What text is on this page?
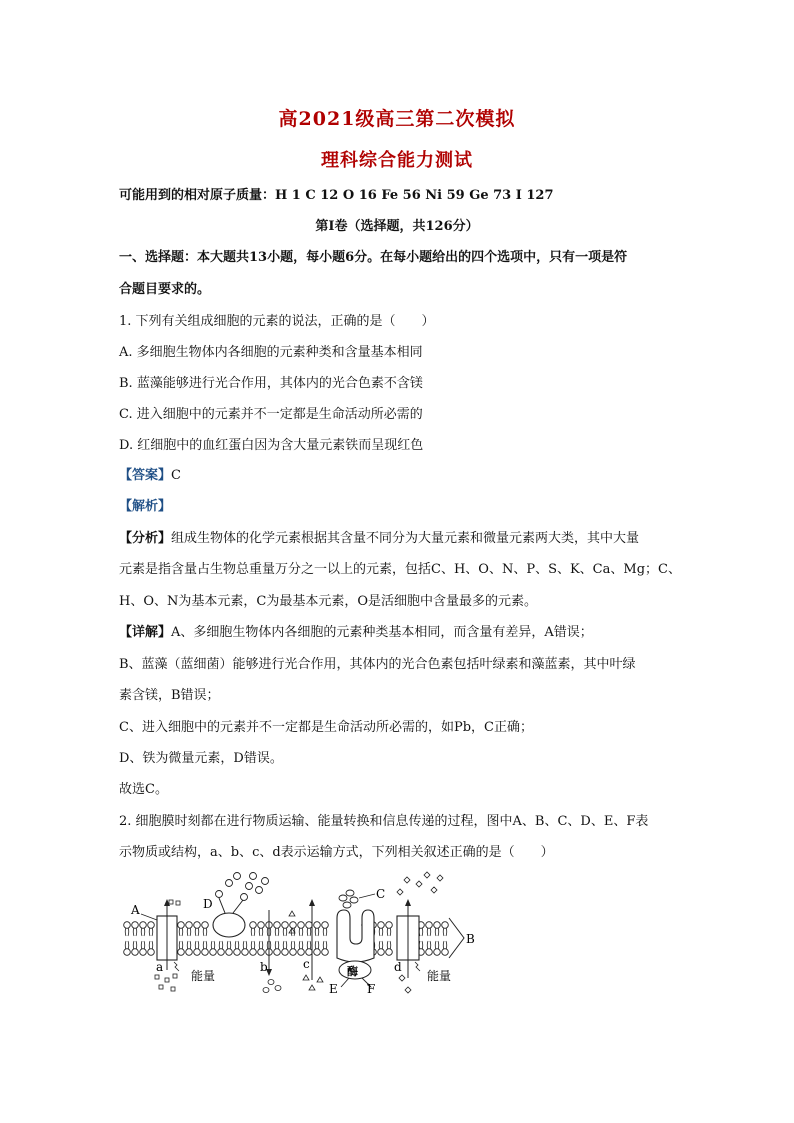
高2021级高三第二次模拟
理科综合能力测试
可能用到的相对原子质量：H 1 C 12 O 16 Fe 56 Ni 59 Ge 73 I 127
第Ⅰ卷（选择题，共126分）
一、选择题：本大题共13小题，每小题6分。在每小题给出的四个选项中，只有一项是符
合题目要求的。
1. 下列有关组成细胞的元素的说法，正确的是（　　）
A. 多细胞生物体内各细胞的元素种类和含量基本相同
B. 蓝藻能够进行光合作用，其体内的光合色素不含镁
C. 进入细胞中的元素并不一定都是生命活动所必需的
D. 红细胞中的血红蛋白因为含大量元素铁而呈现红色
【答案】C
【解析】
【分析】组成生物体的化学元素根据其含量不同分为大量元素和微量元素两大类，其中大量
元素是指含量占生物总重量万分之一以上的元素，包括C、H、O、N、P、S、K、Ca、Mg；C、
H、O、N为基本元素，C为最基本元素，O是活细胞中含量最多的元素。
【详解】A、多细胞生物体内各细胞的元素种类基本相同，而含量有差异，A错误；
B、蓝藻（蓝细菌）能够进行光合作用，其体内的光合色素包括叶绿素和藻蓝素，其中叶绿
素含镁，B错误；
C、进入细胞中的元素并不一定都是生命活动所必需的，如Pb，C正确；
D、铁为微量元素，D错误。
故选C。
2. 细胞膜时刻都在进行物质运输、能量转换和信息传递的过程，图中A、B、C、D、E、F表
示物质或结构，a、b、c、d表示运输方式，下列相关叙述正确的是（　　）
A
a
能量
D
b	c
C
酶
E F
d
能量
B
